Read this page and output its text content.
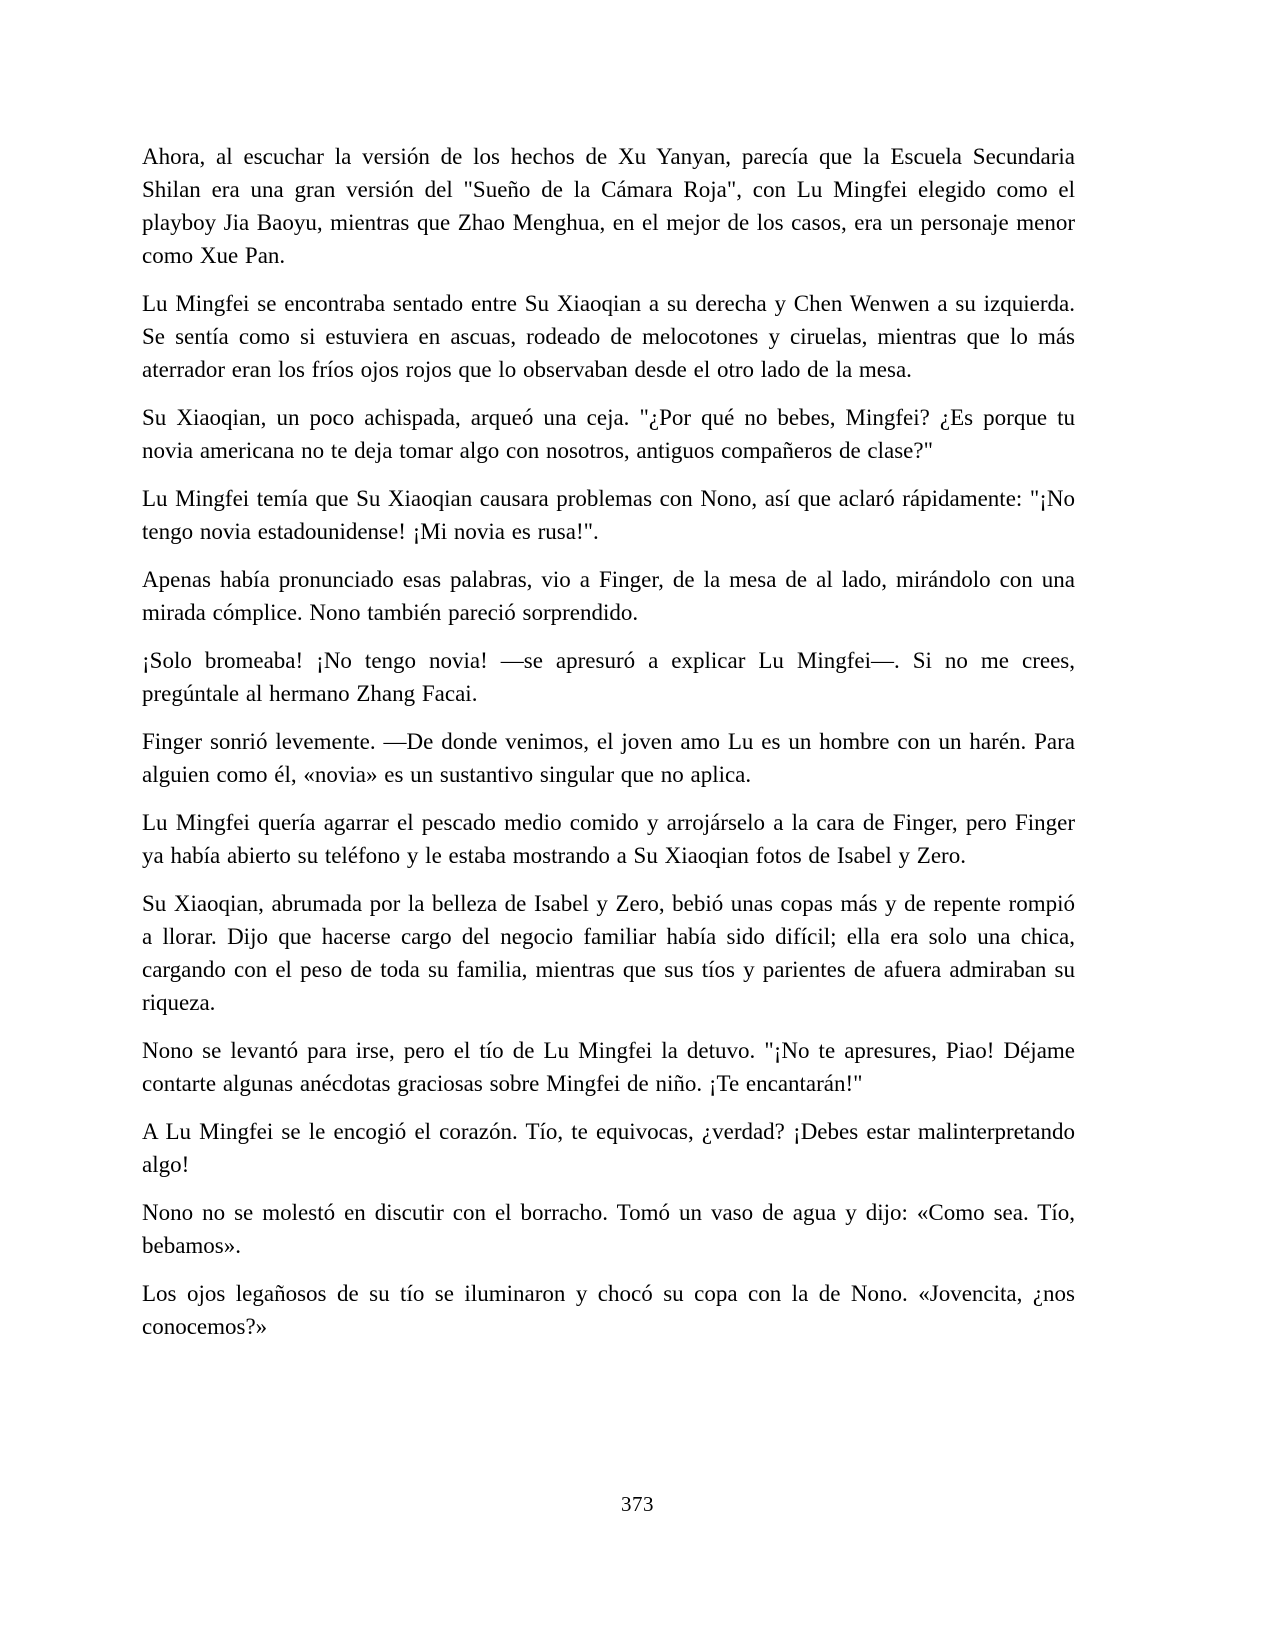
Ahora, al escuchar la versión de los hechos de Xu Yanyan, parecía que la Escuela Secundaria Shilan era una gran versión del "Sueño de la Cámara Roja", con Lu Mingfei elegido como el playboy Jia Baoyu, mientras que Zhao Menghua, en el mejor de los casos, era un personaje menor como Xue Pan.

Lu Mingfei se encontraba sentado entre Su Xiaoqian a su derecha y Chen Wenwen a su izquierda. Se sentía como si estuviera en ascuas, rodeado de melocotones y ciruelas, mientras que lo más aterrador eran los fríos ojos rojos que lo observaban desde el otro lado de la mesa.

Su Xiaoqian, un poco achispada, arqueó una ceja. "¿Por qué no bebes, Mingfei? ¿Es porque tu novia americana no te deja tomar algo con nosotros, antiguos compañeros de clase?"

Lu Mingfei temía que Su Xiaoqian causara problemas con Nono, así que aclaró rápidamente: "¡No tengo novia estadounidense! ¡Mi novia es rusa!".

Apenas había pronunciado esas palabras, vio a Finger, de la mesa de al lado, mirándolo con una mirada cómplice. Nono también pareció sorprendido.

¡Solo bromeaba! ¡No tengo novia! —se apresuró a explicar Lu Mingfei—. Si no me crees, pregúntale al hermano Zhang Facai.

Finger sonrió levemente. —De donde venimos, el joven amo Lu es un hombre con un harén. Para alguien como él, «novia» es un sustantivo singular que no aplica.

Lu Mingfei quería agarrar el pescado medio comido y arrojárselo a la cara de Finger, pero Finger ya había abierto su teléfono y le estaba mostrando a Su Xiaoqian fotos de Isabel y Zero.

Su Xiaoqian, abrumada por la belleza de Isabel y Zero, bebió unas copas más y de repente rompió a llorar. Dijo que hacerse cargo del negocio familiar había sido difícil; ella era solo una chica, cargando con el peso de toda su familia, mientras que sus tíos y parientes de afuera admiraban su riqueza.

Nono se levantó para irse, pero el tío de Lu Mingfei la detuvo. "¡No te apresures, Piao! Déjame contarte algunas anécdotas graciosas sobre Mingfei de niño. ¡Te encantarán!"

A Lu Mingfei se le encogió el corazón. Tío, te equivocas, ¿verdad? ¡Debes estar malinterpretando algo!

Nono no se molestó en discutir con el borracho. Tomó un vaso de agua y dijo: «Como sea. Tío, bebamos».

Los ojos legañosos de su tío se iluminaron y chocó su copa con la de Nono. «Jovencita, ¿nos conocemos?»

373
